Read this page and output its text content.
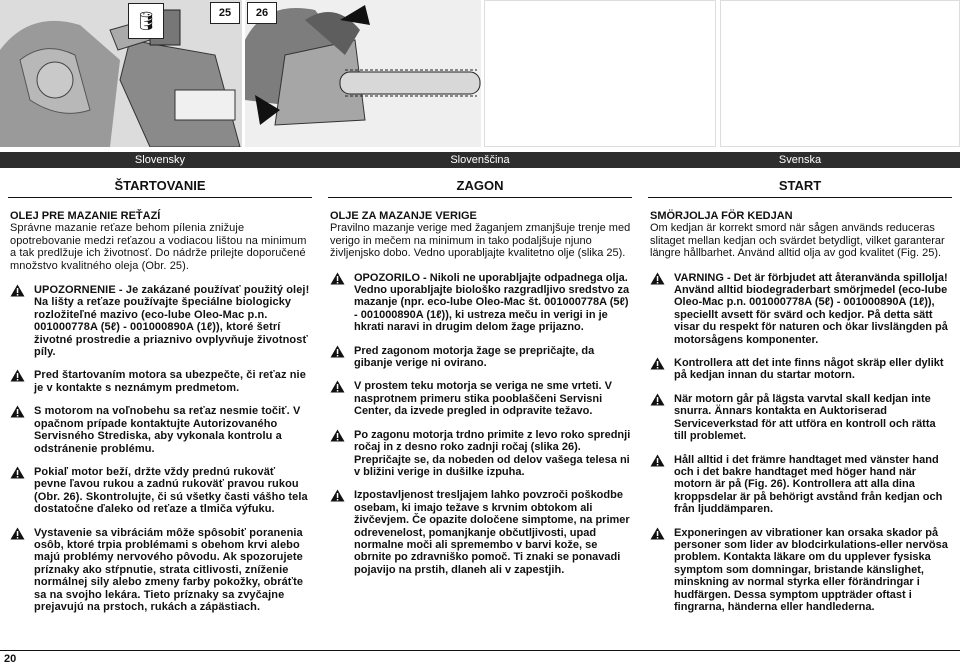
🛢	25	26
Slovensky	Slovenščina	Svenska
ŠTARTOVANIE	ZAGON	START
OLEJ PRE MAZANIE REŤAZÍ
Správne mazanie reťaze behom pílenia znižuje opotrebovanie medzi reťazou a vodiacou lištou na minimum a tak predlžuje ich životnosť. Do nádrže prilejte doporučené množstvo kvalitného oleja (Obr. 25).
UPOZORNENIE - Je zakázané používať použitý olej! Na lišty a reťaze používajte špeciálne biologicky rozložiteľné mazivo (eco-lube Oleo-Mac p.n. 001000778A (5ℓ) - 001000890A (1ℓ)), ktoré šetrí životné prostredie a priaznivo ovplyvňuje životnosť píly.
Pred štartovaním motora sa ubezpečte, či reťaz nie je v kontakte s neznámym predmetom.
S motorom na voľnobehu sa reťaz nesmie točiť. V opačnom prípade kontaktujte Autorizovaného Servisného Strediska, aby vykonala kontrolu a odstránenie problému.
Pokiaľ motor beží, držte vždy prednú rukoväť pevne ľavou rukou a zadnú rukoväť pravou rukou (Obr. 26). Skontrolujte, či sú všetky časti vášho tela dostatočne ďaleko od reťaze a tlmiča výfuku.
Vystavenie sa vibráciám môže spôsobiť poranenia osôb, ktoré trpia problémami s obehom krvi alebo majú problémy nervového pôvodu. Ak spozorujete príznaky ako stŕpnutie, strata citlivosti, zníženie normálnej sily alebo zmeny farby pokožky, obráťte sa na svojho lekára. Tieto príznaky sa zvyčajne prejavujú na prstoch, rukách a zápästiach.
OLJE ZA MAZANJE VERIGE
Pravilno mazanje verige med žaganjem zmanjšuje trenje med verigo in mečem na minimum in tako podaljšuje njuno življenjsko dobo. Vedno uporabljajte kvalitetno olje (slika 25).
OPOZORILO - Nikoli ne uporabljajte odpadnega olja. Vedno uporabljajte biološko razgradljivo sredstvo za mazanje (npr. eco-lube Oleo-Mac št. 001000778A (5ℓ) - 001000890A (1ℓ)), ki ustreza meču in verigi in je hkrati naravi in drugim delom žage prijazno.
Pred zagonom motorja žage se prepričajte, da gibanje verige ni ovirano.
V prostem teku motorja se veriga ne sme vrteti. V nasprotnem primeru stika pooblaščeni Servisni Center, da izvede pregled in odpravite težavo.
Po zagonu motorja trdno primite z levo roko sprednji ročaj in z desno roko zadnji ročaj (slika 26). Prepričajte se, da nobeden od delov vašega telesa ni v bližini verige in dušilke izpuha.
Izpostavljenost tresljajem lahko povzroči poškodbe osebam, ki imajo težave s krvnim obtokom ali živčevjem. Če opazite določene simptome, na primer odrevenelost, pomanjkanje občutljivosti, upad normalne moči ali spremembo v barvi kože, se obrnite po zdravniško pomoč. Ti znaki se ponavadi pojavijo na prstih, dlaneh ali v zapestjih.
SMÖRJOLJA FÖR KEDJAN
Om kedjan är korrekt smord när sågen används reduceras slitaget mellan kedjan och svärdet betydligt, vilket garanterar längre hållbarhet. Använd alltid olja av god kvalitet (Fig. 25).
VARNING - Det är förbjudet att återanvända spillolja! Använd alltid biodegraderbart smörjmedel (eco-lube Oleo-Mac p.n. 001000778A (5ℓ) - 001000890A (1ℓ)), speciellt avsett för svärd och kedjor. På detta sätt visar du respekt för naturen och ökar livslängden på motorsågens komponenter.
Kontrollera att det inte finns något skräp eller dylikt på kedjan innan du startar motorn.
När motorn går på lägsta varvtal skall kedjan inte snurra. Ännars kontakta en Auktoriserad Serviceverkstad för att utföra en kontroll och rätta till problemet.
Håll alltid i det främre handtaget med vänster hand och i det bakre handtaget med höger hand när motorn är på (Fig. 26). Kontrollera att alla dina kroppsdelar är på behörigt avstånd från kedjan och från ljuddämparen.
Exponeringen av vibrationer kan orsaka skador på personer som lider av blodcirkulations-eller nervösa problem. Kontakta läkare om du upplever fysiska symptom som domningar, bristande känslighet, minskning av normal styrka eller förändringar i hudfärgen. Dessa symptom uppträder oftast i fingrarna, händerna eller handlederna.
20
